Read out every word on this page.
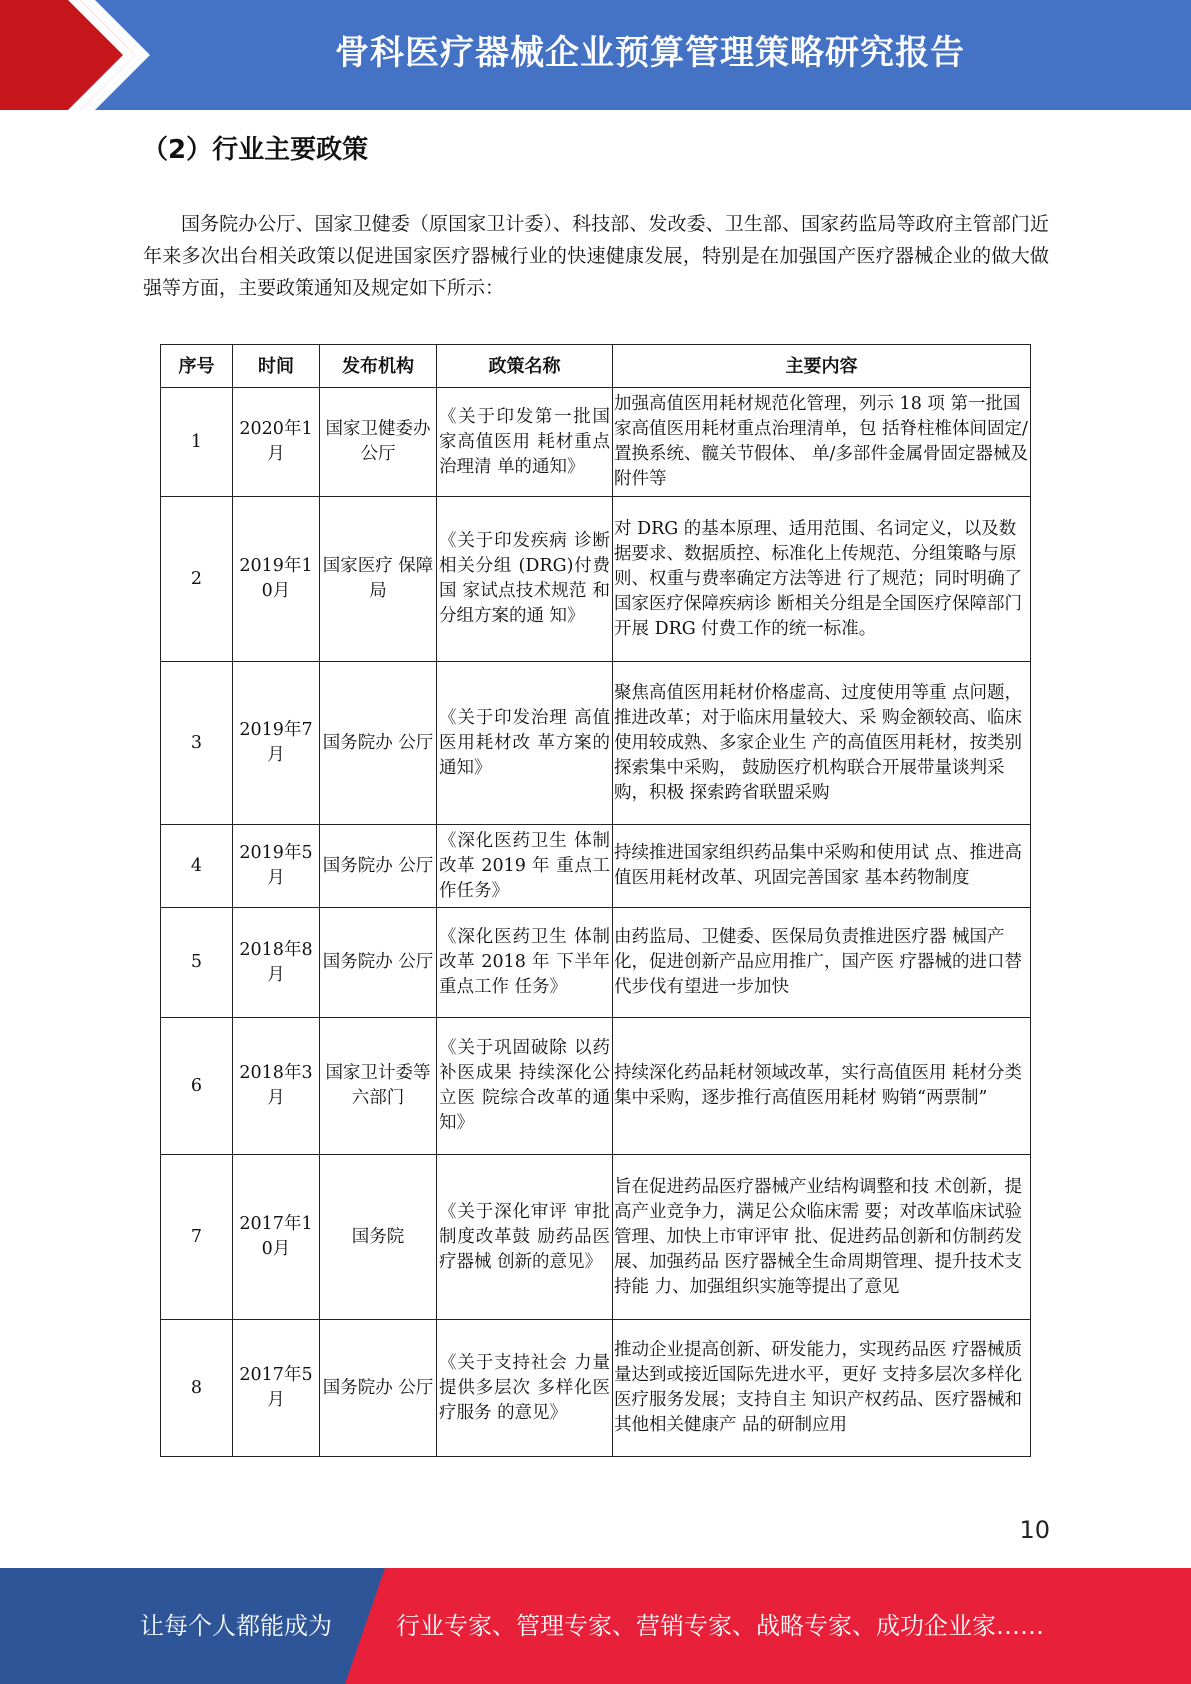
骨科医疗器械企业预算管理策略研究报告
（2）行业主要政策

国务院办公厅、国家卫健委（原国家卫计委）、科技部、发改委、卫生部、国家药监局等政府主管部门近年来多次出台相关政策以促进国家医疗器械行业的快速健康发展，特别是在加强国产医疗器械企业的做大做强等方面，主要政策通知及规定如下所示：

序号	时间	发布机构	政策名称	主要内容
1	2020年1月	国家卫健委办公厅	《关于印发第一批国家高值医用 耗材重点治理清 单的通知》	加强高值医用耗材规范化管理，列示 18 项 第一批国家高值医用耗材重点治理清单，包 括脊柱椎体间固定/置换系统、髋关节假体、 单/多部件金属骨固定器械及附件等
2	2019年10月	国家医疗 保障局	《关于印发疾病 诊断相关分组 (DRG)付费国 家试点技术规范 和分组方案的通 知》	对 DRG 的基本原理、适用范围、名词定义，以及数据要求、数据质控、标准化上传规范、分组策略与原则、权重与费率确定方法等进 行了规范；同时明确了国家医疗保障疾病诊 断相关分组是全国医疗保障部门开展 DRG 付费工作的统一标准。
3	2019年7月	国务院办 公厅	《关于印发治理 高值医用耗材改 革方案的通知》	聚焦高值医用耗材价格虚高、过度使用等重 点问题，推进改革；对于临床用量较大、采 购金额较高、临床使用较成熟、多家企业生 产的高值医用耗材，按类别探索集中采购， 鼓励医疗机构联合开展带量谈判采购，积极 探索跨省联盟采购
4	2019年5月	国务院办 公厅	《深化医药卫生 体制改革 2019 年 重点工作任务》	持续推进国家组织药品集中采购和使用试 点、推进高值医用耗材改革、巩固完善国家 基本药物制度
5	2018年8月	国务院办 公厅	《深化医药卫生 体制改革 2018 年 下半年重点工作 任务》	由药监局、卫健委、医保局负责推进医疗器 械国产化，促进创新产品应用推广，国产医 疗器械的进口替代步伐有望进一步加快
6	2018年3月	国家卫计委等六部门	《关于巩固破除 以药补医成果 持续深化公立医 院综合改革的通 知》	持续深化药品耗材领域改革，实行高值医用 耗材分类集中采购，逐步推行高值医用耗材 购销“两票制”
7	2017年10月	国务院	《关于深化审评 审批制度改革鼓 励药品医疗器械 创新的意见》	旨在促进药品医疗器械产业结构调整和技 术创新，提高产业竞争力，满足公众临床需 要；对改革临床试验管理、加快上市审评审 批、促进药品创新和仿制药发展、加强药品 医疗器械全生命周期管理、提升技术支持能 力、加强组织实施等提出了意见
8	2017年5月	国务院办 公厅	《关于支持社会 力量提供多层次 多样化医疗服务 的意见》	推动企业提高创新、研发能力，实现药品医 疗器械质量达到或接近国际先进水平，更好 支持多层次多样化医疗服务发展；支持自主 知识产权药品、医疗器械和其他相关健康产 品的研制应用
10
让每个人都能成为	行业专家、管理专家、营销专家、战略专家、成功企业家……
